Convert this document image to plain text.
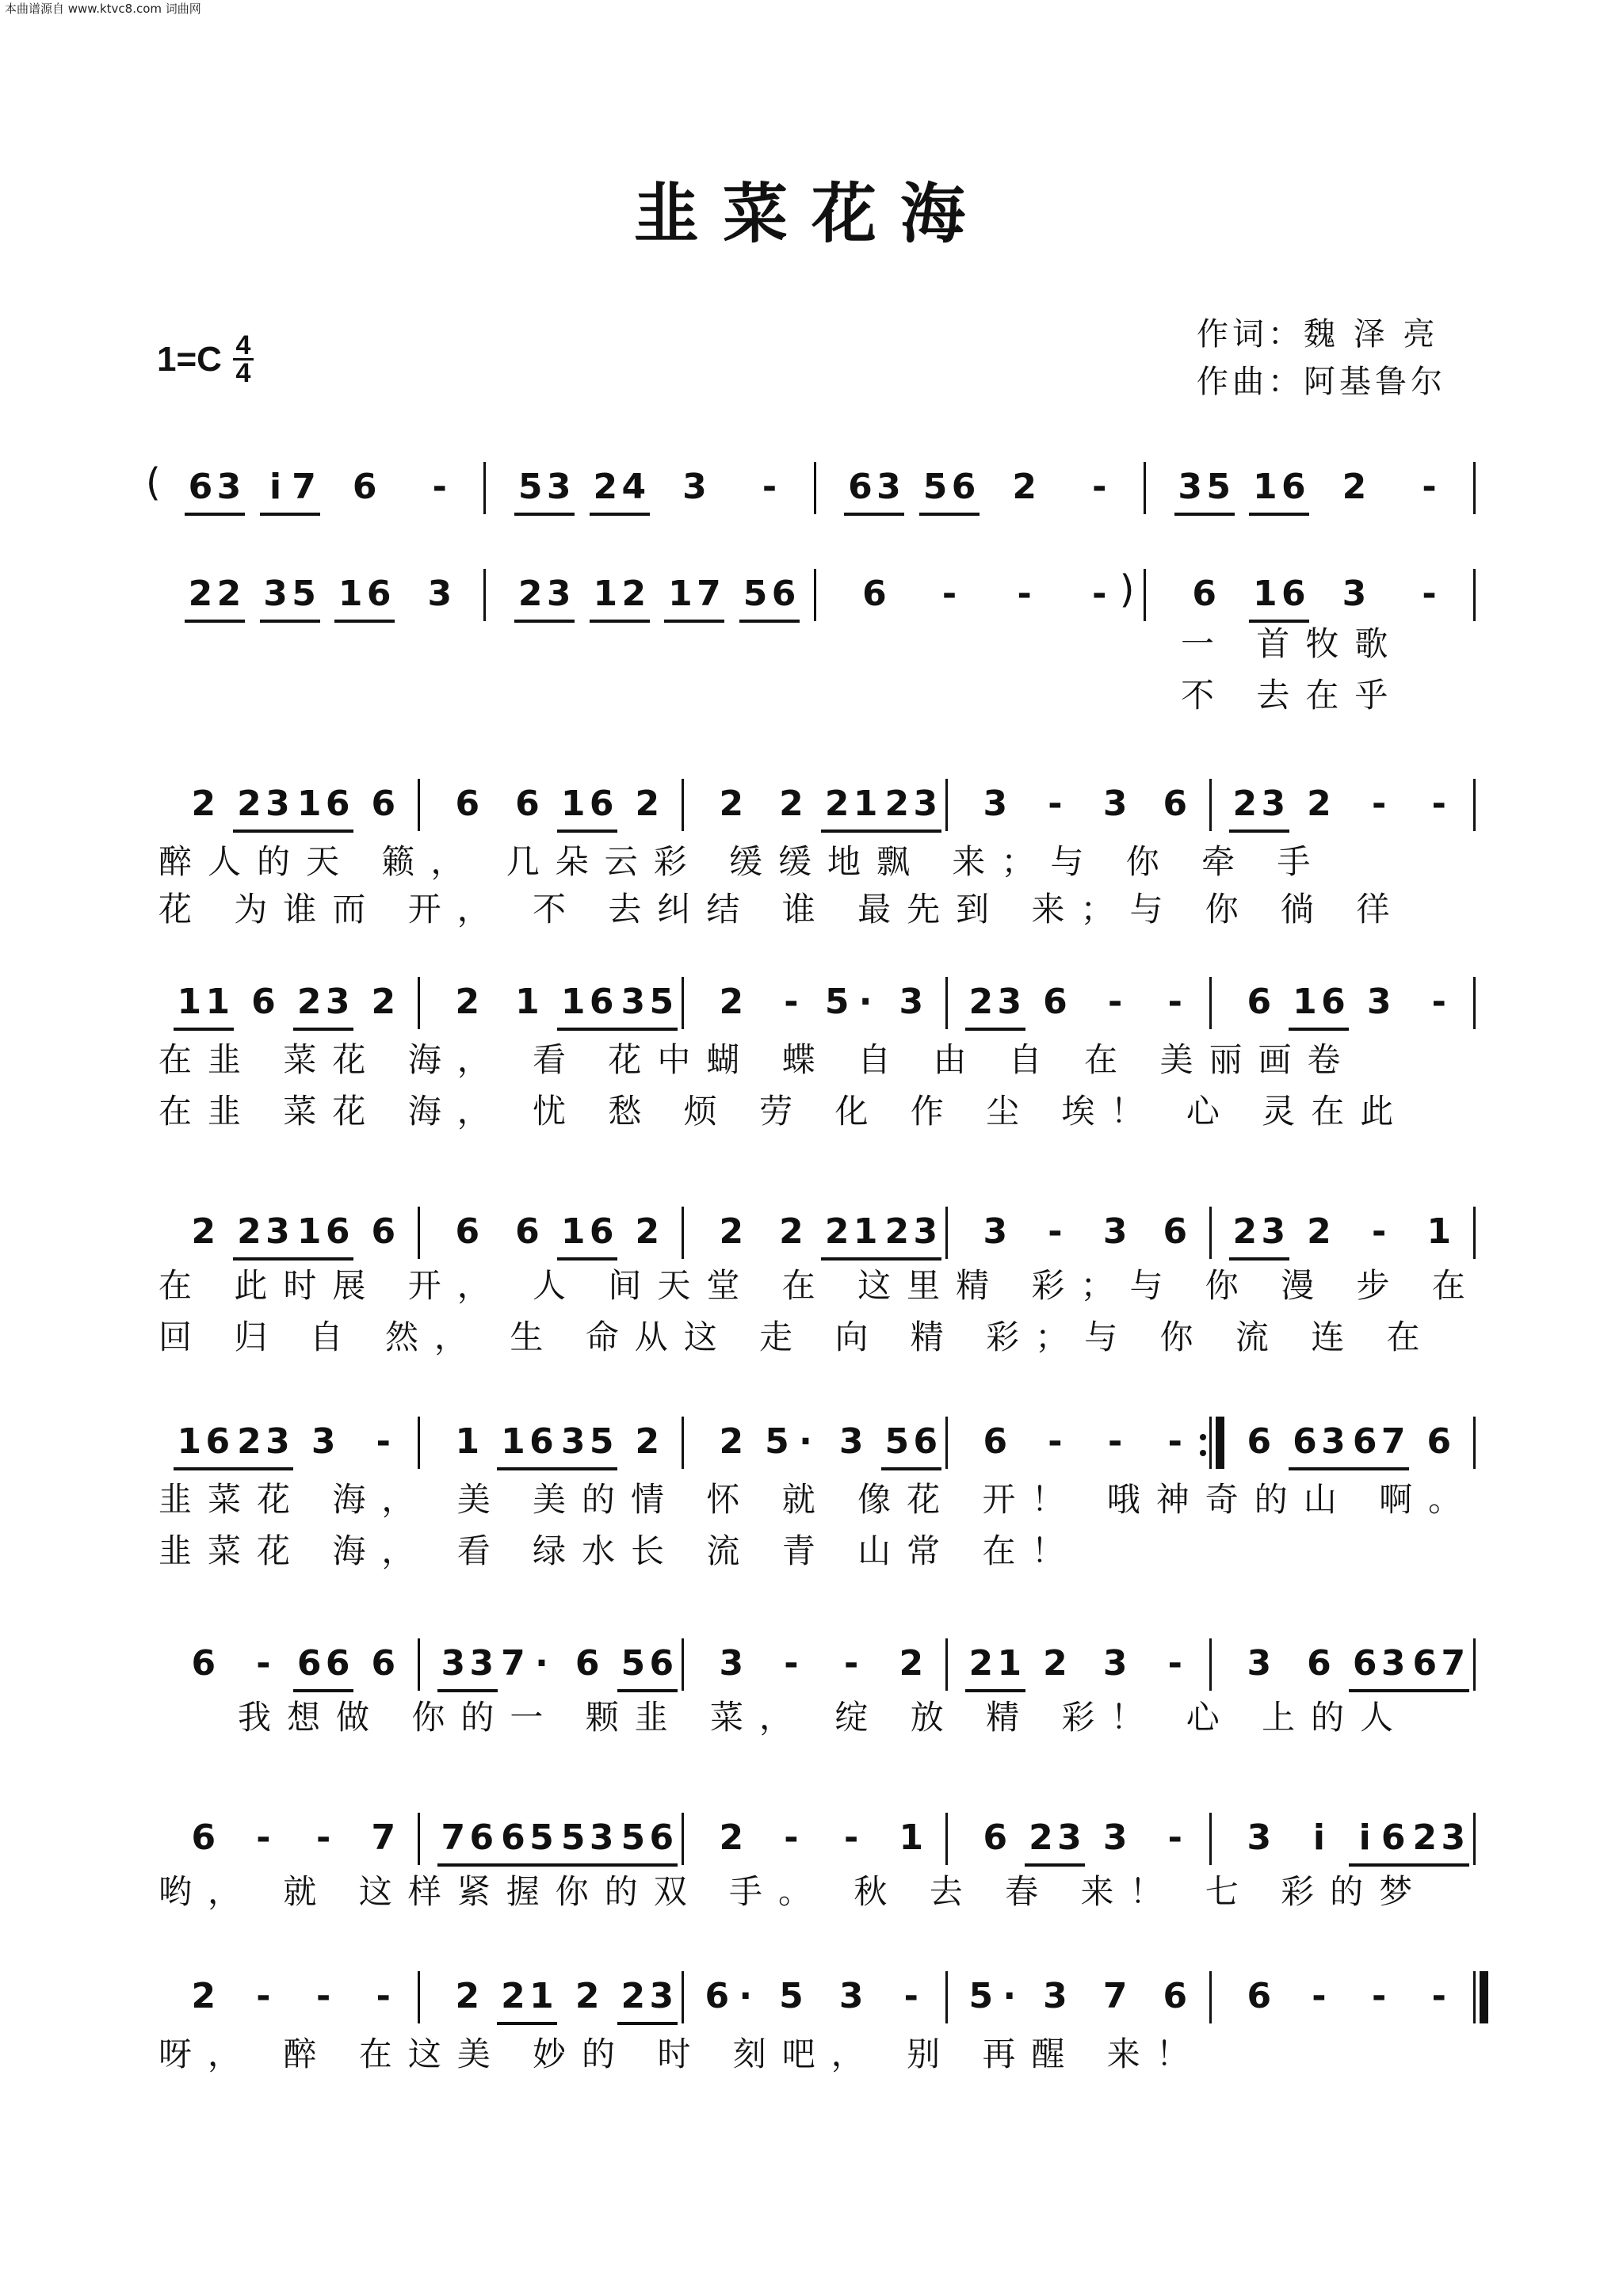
本曲谱源自 www.ktvc8.com 词曲网
韭菜花海
1=C 4
4
作词：魏 泽 亮
作曲：阿基鲁尔
( 6 3 i 7 6 - 5 3 2 4 3 - 6 3 5 6 2 - 3 5 1 6 2 -
2 2 3 5 1 6 3 2 3 1 2 1 7 5 6 6 - - - ) 6 1 6 3 -
一 首牧歌
不 去在乎
2 2 3 1 6 6 6 6 1 6 2 2 2 2 1 2 3 3 - 3 6 2 3 2 - -
醉人的天 籁， 几朵云彩 缓缓地飘 来；与 你 牵 手
花 为谁而 开， 不 去纠结 谁 最先到 来；与 你 徜 徉
1 1 6 2 3 2 2 1 1 6 3 5 2 - 5 · 3 2 3 6 - - 6 1 6 3 -
在韭 菜花 海， 看 花中蝴 蝶 自 由 自 在 美丽画卷
在韭 菜花 海， 忧 愁 烦 劳 化 作 尘 埃！ 心 灵在此
2 2 3 1 6 6 6 6 1 6 2 2 2 2 1 2 3 3 - 3 6 2 3 2 - 1
在 此时展 开， 人 间天堂 在 这里精 彩；与 你 漫 步 在
回 归 自 然， 生 命从这 走 向 精 彩；与 你 流 连 在
1 6 2 3 3 - 1 1 6 3 5 2 2 5 · 3 5 6 6 - - - 6 6 3 6 7 6
韭菜花 海， 美 美的情 怀 就 像花 开！ 哦神奇的山 啊。
韭菜花 海， 看 绿水长 流 青 山常 在！
6 - 6 6 6 3 3 7 · 6 5 6 3 - - 2 2 1 2 3 - 3 6 6 3 6 7
我想做 你的一 颗韭 菜， 绽 放 精 彩！ 心 上的人
6 - - 7 7 6 6 5 5 3 5 6 2 - - 1 6 2 3 3 - 3 i i 6 2 3
哟， 就 这样紧握你的双 手。 秋 去 春 来！ 七 彩的梦
2 - - - 2 2 1 2 2 3 6 · 5 3 - 5 · 3 7 6 6 - - -
呀， 醉 在这美 妙的 时 刻吧， 别 再醒 来！
